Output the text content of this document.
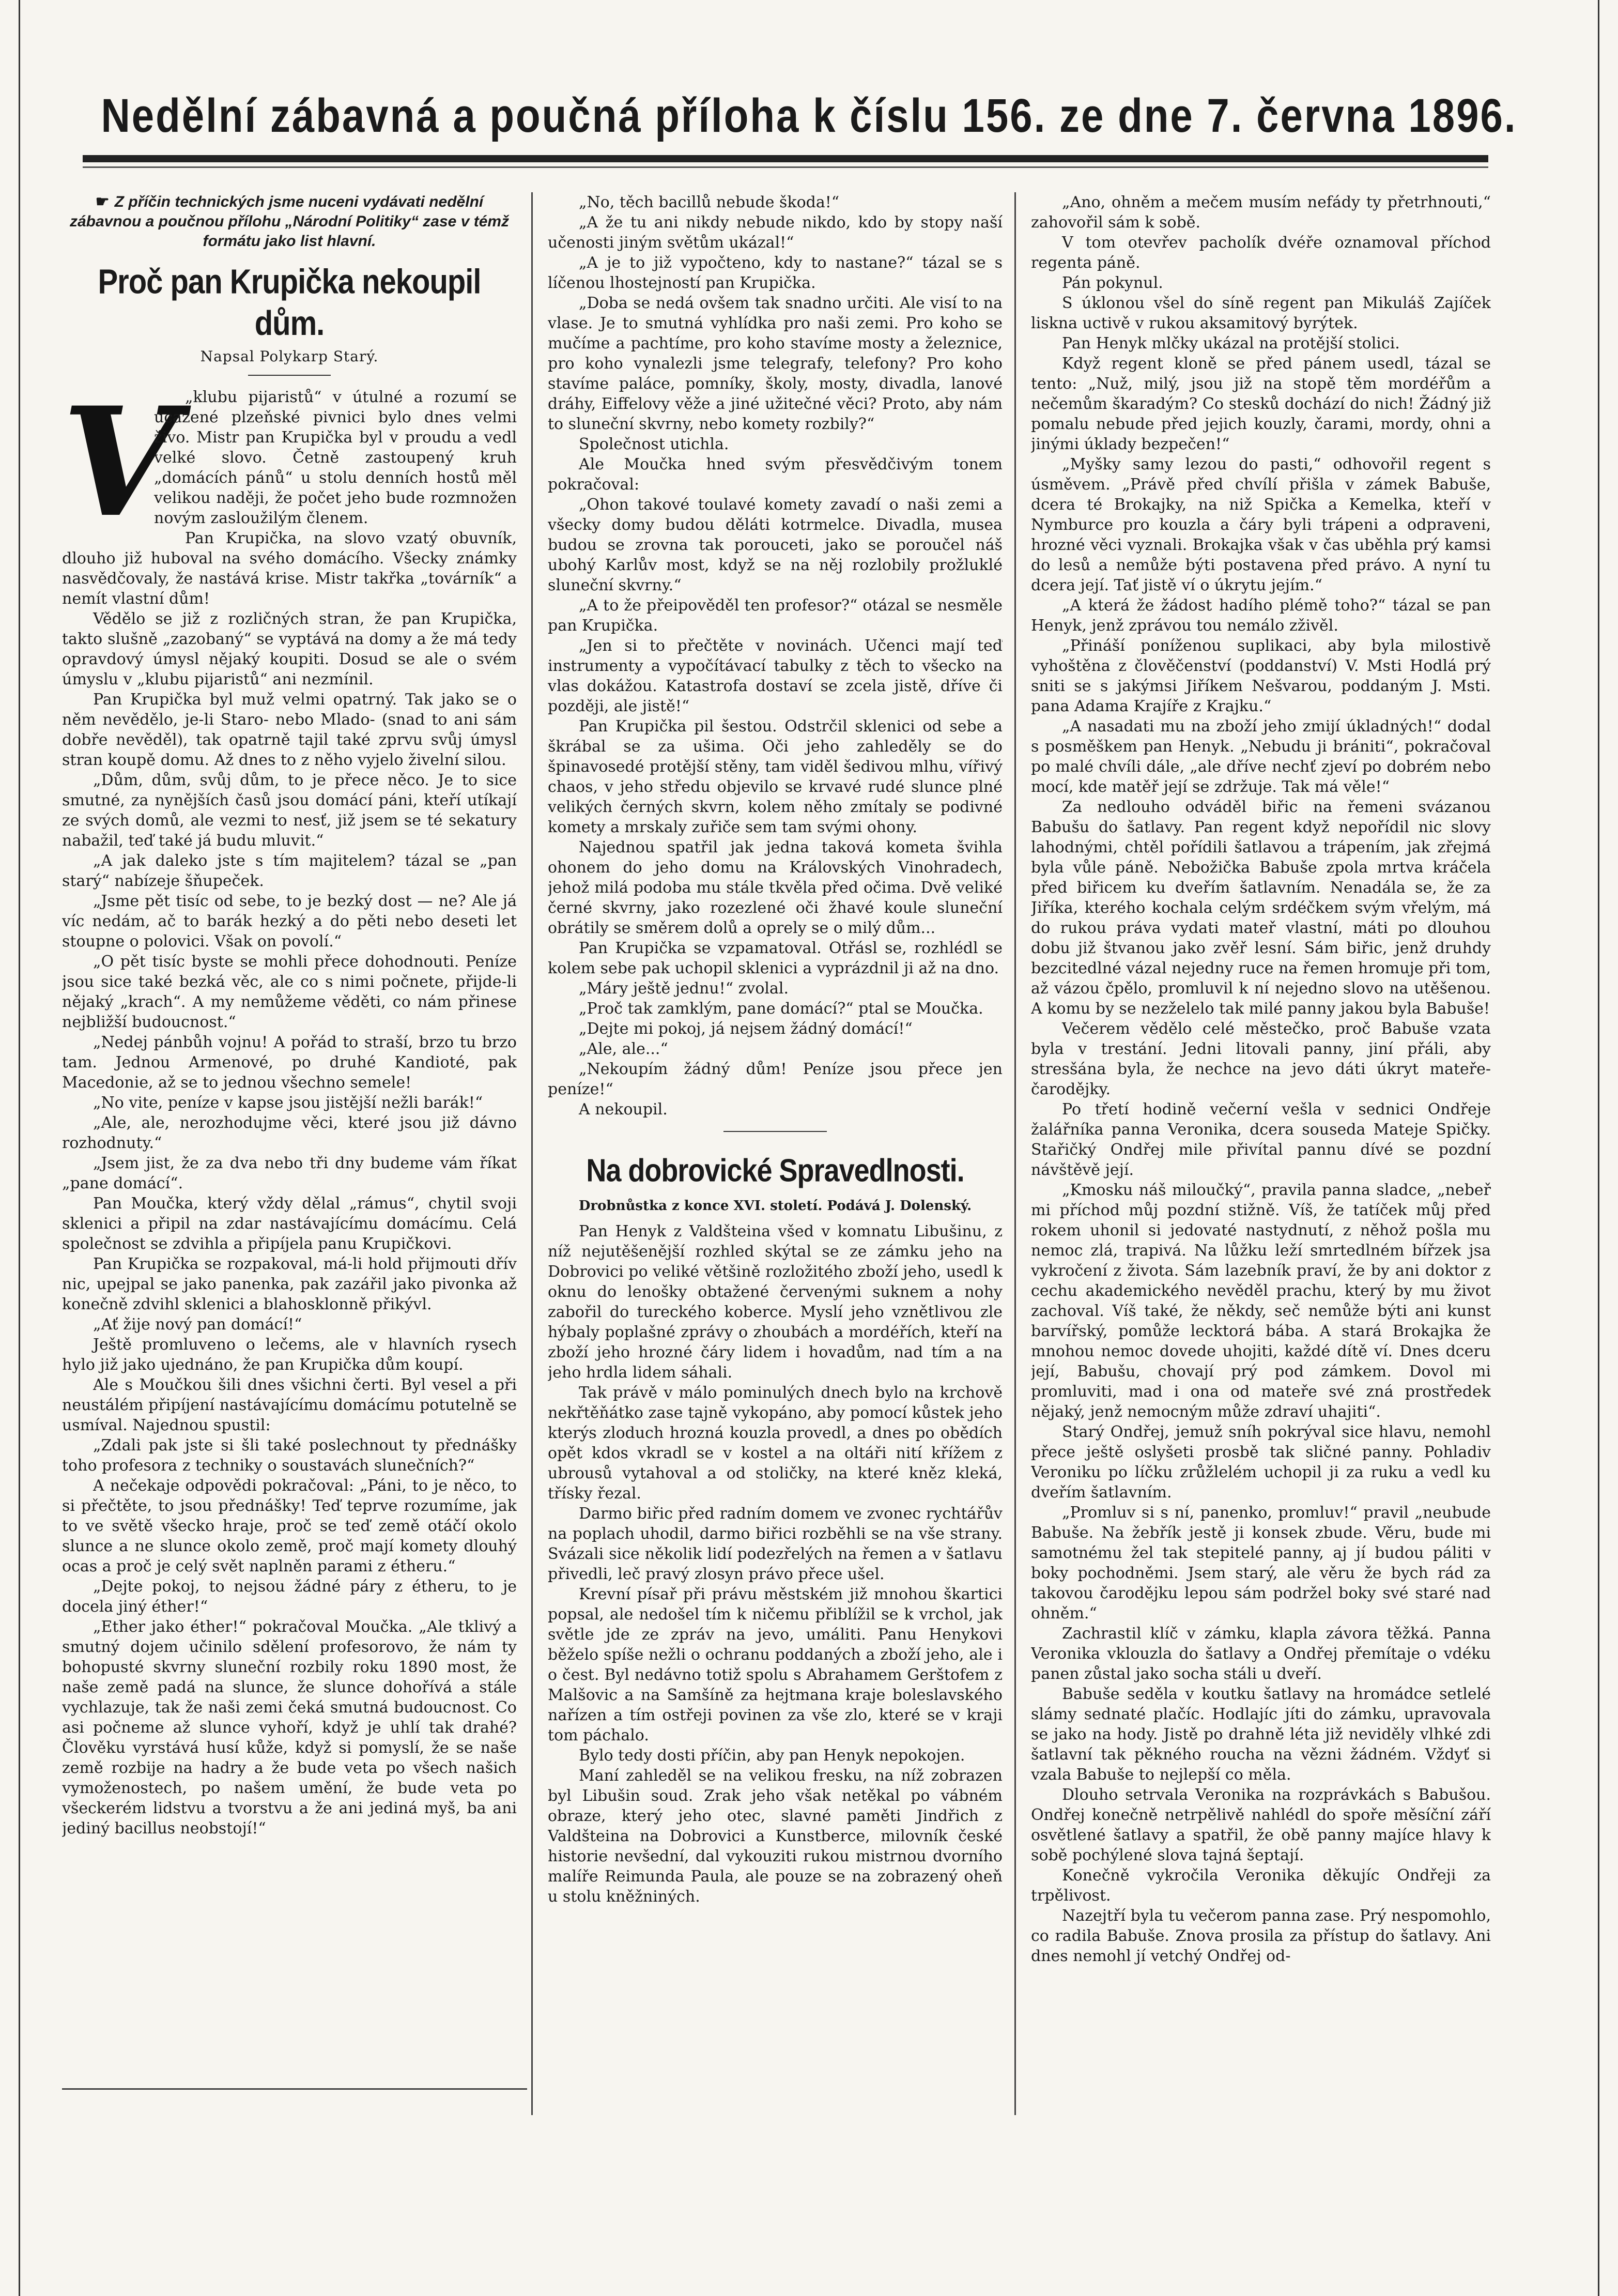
Nedělní zábavná a poučná příloha k číslu 156. ze dne 7. června 1896.
☛ Z příčin technických jsme nuceni vydávati nedělní zábavnou a poučnou přílohu „Národní Politiky“ zase v témž formátu jako list hlavní.
Proč pan Krupička nekoupil dům.
Napsal Polykarp Starý.
V „klubu pijaristů“ v útulné a rozumí se ucazené plzeňské pivnici bylo dnes velmi živo. Mistr pan Krupička byl v proudu a vedl velké slovo. Četně zastoupený kruh „domácích pánů“ u stolu denních hostů měl velikou naději, že počet jeho bude rozmnožen novým zasloužilým členem.

Pan Krupička, na slovo vzatý obuvník, dlouho již huboval na svého domácího. Všecky známky nasvědčovaly, že nastává krise. Mistr takřka „továrník“ a nemít vlastní dům!

Vědělo se již z rozličných stran, že pan Krupička, takto slušně „zazobaný“ se vyptává na domy a že má tedy opravdový úmysl nějaký koupiti. Dosud se ale o svém úmyslu v „klubu pijaristů“ ani nezmínil.

Pan Krupička byl muž velmi opatrný. Tak jako se o něm nevědělo, je-li Staro- nebo Mlado- (snad to ani sám dobře nevěděl), tak opatrně tajil také zprvu svůj úmysl stran koupě domu. Až dnes to z něho vyjelo živelní silou.

„Dům, dům, svůj dům, to je přece něco. Je to sice smutné, za nynějších časů jsou domácí páni, kteří utíkají ze svých domů, ale vezmi to nesť, již jsem se té sekatury nabažil, teď také já budu mluvit.“

„A jak daleko jste s tím majitelem? tázal se „pan starý“ nabízeje šňupeček.

„Jsme pět tisíc od sebe, to je bezký dost — ne? Ale já víc nedám, ač to barák hezký a do pěti nebo deseti let stoupne o polovici. Však on povolí.“

„O pět tisíc byste se mohli přece dohodnouti. Peníze jsou sice také bezká věc, ale co s nimi počnete, přijde-li nějaký „krach“. A my nemůžeme věděti, co nám přinese nejbližší budoucnost.“

„Nedej pánbůh vojnu! A pořád to straší, brzo tu brzo tam. Jednou Armenové, po druhé Kandioté, pak Macedonie, až se to jednou všechno semele!

„No vite, peníze v kapse jsou jistější nežli barák!“

„Ale, ale, nerozhodujme věci, které jsou již dávno rozhodnuty.“

„Jsem jist, že za dva nebo tři dny budeme vám říkat „pane domácí“.

Pan Moučka, který vždy dělal „rámus“, chytil svoji sklenici a připil na zdar nastávajícímu domácímu. Celá společnost se zdvihla a připíjela panu Krupičkovi.

Pan Krupička se rozpakoval, má-li hold přijmouti dřív nic, upejpal se jako panenka, pak zazářil jako pivonka až konečně zdvihl sklenici a blahosklonně přikývl.

„Ať žije nový pan domácí!“

Ještě promluveno o lečems, ale v hlavních rysech hylo již jako ujednáno, že pan Krupička dům koupí.

Ale s Moučkou šili dnes všichni čerti. Byl vesel a při neustálém připíjení nastávajícímu domácímu potutelně se usmíval. Najednou spustil:

„Zdali pak jste si šli také poslechnout ty přednášky toho profesora z techniky o soustavách slunečních?“

A nečekaje odpovědi pokračoval: „Páni, to je něco, to si přečtěte, to jsou přednášky! Teď teprve rozumíme, jak to ve světě všecko hraje, proč se teď země otáčí okolo slunce a ne slunce okolo země, proč mají komety dlouhý ocas a proč je celý svět naplněn parami z étheru.“

„Dejte pokoj, to nejsou žádné páry z étheru, to je docela jiný éther!“

„Ether jako éther!“ pokračoval Moučka. „Ale tklivý a smutný dojem učinilo sdělení profesorovo, že nám ty bohopusté skvrny sluneční rozbily roku 1890 most, že naše země padá na slunce, že slunce dohořívá a stále vychlazuje, tak že naši zemi čeká smutná budoucnost. Co asi počneme až slunce vyhoří, když je uhlí tak drahé? Člověku vyrstává husí kůže, když si pomyslí, že se naše země rozbije na hadry a že bude veta po všech našich vymoženostech, po našem umění, že bude veta po všeckerém lidstvu a tvorstvu a že ani jediná myš, ba ani jediný bacillus neobstojí!“

„No, těch bacillů nebude škoda!“

„A že tu ani nikdy nebude nikdo, kdo by stopy naší učenosti jiným světům ukázal!“

„A je to již vypočteno, kdy to nastane?“ tázal se s líčenou lhostejností pan Krupička.

„Doba se nedá ovšem tak snadno určiti. Ale visí to na vlase. Je to smutná vyhlídka pro naši zemi. Pro koho se mučíme a pachtíme, pro koho stavíme mosty a železnice, pro koho vynalezli jsme telegrafy, telefony? Pro koho stavíme paláce, pomníky, školy, mosty, divadla, lanové dráhy, Eiffelovy věže a jiné užitečné věci? Proto, aby nám to sluneční skvrny, nebo komety rozbily?“

Společnost utichla.

Ale Moučka hned svým přesvědčivým tonem pokračoval:

„Ohon takové toulavé komety zavadí o naši zemi a všecky domy budou děláti kotrmelce. Divadla, musea budou se zrovna tak porouceti, jako se poroučel náš ubohý Karlův most, když se na něj rozlobily prožluklé sluneční skvrny.“

„A to že přeipověděl ten profesor?“ otázal se nesměle pan Krupička.

„Jen si to přečtěte v novinách. Učenci mají teď instrumenty a vypočítávací tabulky z těch to všecko na vlas dokážou. Katastrofa dostaví se zcela jistě, dříve či později, ale jistě!“

Pan Krupička pil šestou. Odstrčil sklenici od sebe a škrábal se za ušima. Oči jeho zahleděly se do špinavosedé protější stěny, tam viděl šedivou mlhu, vířivý chaos, v jeho středu objevilo se krvavé rudé slunce plné velikých černých skvrn, kolem něho zmítaly se podivné komety a mrskaly zuřiče sem tam svými ohony.

Najednou spatřil jak jedna taková kometa švihla ohonem do jeho domu na Královských Vinohradech, jehož milá podoba mu stále tkvěla před očima. Dvě veliké černé skvrny, jako rozezlené oči žhavé koule sluneční obrátily se směrem dolů a oprely se o milý dům...

Pan Krupička se vzpamatoval. Otřásl se, rozhlédl se kolem sebe pak uchopil sklenici a vyprázdnil ji až na dno.

„Máry ještě jednu!“ zvolal.

„Proč tak zamklým, pane domácí?“ ptal se Moučka.

„Dejte mi pokoj, já nejsem žádný domácí!“

„Ale, ale...“

„Nekoupím žádný dům! Peníze jsou přece jen peníze!“

A nekoupil.

Na dobrovické Spravedlnosti.
Drobnůstka z konce XVI. století. Podává J. Dolenský.

Pan Henyk z Valdšteina všed v komnatu Libušinu, z níž nejutěšenější rozhled skýtal se ze zámku jeho na Dobrovici po veliké většině rozložitého zboží jeho, usedl k oknu do lenošky obtažené červenými suknem a nohy zabořil do tureckého koberce. Myslí jeho vznětlivou zle hýbaly poplašné zprávy o zhoubách a mordéřích, kteří na zboží jeho hrozné čáry lidem i hovadům, nad tím a na jeho hrdla lidem sáhali.

Tak právě v málo pominulých dnech bylo na krchově nekřtěňátko zase tajně vykopáno, aby pomocí kůstek jeho kterýs zloduch hrozná kouzla provedl, a dnes po obědích opět kdos vkradl se v kostel a na oltáři nití křížem z ubrousů vytahoval a od stoličky, na které kněz kleká, třísky řezal.

Darmo biřic před radním domem ve zvonec rychtářův na poplach uhodil, darmo biřici rozběhli se na vše strany. Svázali sice několik lidí podezřelých na řemen a v šatlavu přivedli, leč pravý zlosyn právo přece ušel.

Krevní písař při právu městském již mnohou škartici popsal, ale nedošel tím k ničemu přiblížil se k vrchol, jak světle jde ze zpráv na jevo, umáliti. Panu Henykovi běželo spíše nežli o ochranu poddaných a zboží jeho, ale i o čest. Byl nedávno totiž spolu s Abrahamem Gerštofem z Malšovic a na Samšíně za hejtmana kraje boleslavského nařízen a tím ostřeji povinen za vše zlo, které se v kraji tom páchalo.

Bylo tedy dosti příčin, aby pan Henyk nepokojen.

Maní zahleděl se na velikou fresku, na níž zobrazen byl Libušin soud. Zrak jeho však netěkal po vábném obraze, který jeho otec, slavné paměti Jindřich z Valdšteina na Dobrovici a Kunstberce, milovník české historie nevšední, dal vykouziti rukou mistrnou dvorního malíře Reimunda Paula, ale pouze se na zobrazený oheň u stolu kněžniných.

„Ano, ohněm a mečem musím nefády ty přetrhnouti,“ zahovořil sám k sobě.

V tom otevřev pacholík dvéře oznamoval příchod regenta páně.

Pán pokynul.

S úklonou všel do síně regent pan Mikuláš Zajíček liskna uctivě v rukou aksamitový byrýtek.

Pan Henyk mlčky ukázal na protější stolici.

Když regent kloně se před pánem usedl, tázal se tento: „Nuž, milý, jsou již na stopě těm mordéřům a nečemům škaradým? Co stesků dochází do nich! Žádný již pomalu nebude před jejich kouzly, čarami, mordy, ohni a jinými úklady bezpečen!“

„Myšky samy lezou do pasti,“ odhovořil regent s úsměvem. „Právě před chvílí přišla v zámek Babuše, dcera té Brokajky, na niž Spička a Kemelka, kteří v Nymburce pro kouzla a čáry byli trápeni a odpraveni, hrozné věci vyznali. Brokajka však v čas uběhla prý kamsi do lesů a nemůže býti postavena před právo. A nyní tu dcera její. Tať jistě ví o úkrytu jejím.“

„A která že žádost hadího plémě toho?“ tázal se pan Henyk, jenž zprávou tou nemálo zživěl.

„Přináší poníženou suplikaci, aby byla milostivě vyhoštěna z člověčenství (poddanství) V. Msti Hodlá prý sniti se s jakýmsi Jiříkem Nešvarou, poddaným J. Msti. pana Adama Krajíře z Krajku.“

„A nasadati mu na zboží jeho zmijí úkladných!“ dodal s posměškem pan Henyk. „Nebudu ji brániti“, pokračoval po malé chvíli dále, „ale dříve nechť zjeví po dobrém nebo mocí, kde matěř její se zdržuje. Tak má věle!“

Za nedlouho odváděl biřic na řemeni svázanou Babušu do šatlavy. Pan regent když nepořídil nic slovy lahodnými, chtěl pořídili šatlavou a trápením, jak zřejmá byla vůle páně. Nebožička Babuše zpola mrtva kráčela před biřicem ku dveřím šatlavním. Nenadála se, že za Jiříka, kterého kochala celým srdéčkem svým vřelým, má do rukou práva vydati mateř vlastní, máti po dlouhou dobu již štvanou jako zvěř lesní. Sám biřic, jenž druhdy bezcitedlné vázal nejedny ruce na řemen hromuje při tom, až vázou čpělo, promluvil k ní nejedno slovo na utěšenou. A komu by se nezželelo tak milé panny jakou byla Babuše!

Večerem vědělo celé městečko, proč Babuše vzata byla v trestání. Jedni litovali panny, jiní přáli, aby stresšána byla, že nechce na jevo dáti úkryt mateře-čarodějky.

Po třetí hodině večerní vešla v sednici Ondřeje žalářníka panna Veronika, dcera souseda Mateje Spičky. Stařičký Ondřej mile přivítal pannu dívé se pozdní návštěvě její.

„Kmosku náš miloučký“, pravila panna sladce, „nebeř mi příchod můj pozdní stižně. Víš, že tatíček můj před rokem uhonil si jedovaté nastydnutí, z něhož pošla mu nemoc zlá, trapivá. Na lůžku leží smrtedlném bířzek jsa vykročení z života. Sám lazebník praví, že by ani doktor z cechu akademického nevěděl prachu, který by mu život zachoval. Víš také, že někdy, seč nemůže býti ani kunst barvířský, pomůže lecktorá bába. A stará Brokajka že mnohou nemoc dovede uhojiti, každé dítě ví. Dnes dceru její, Babušu, chovají prý pod zámkem. Dovol mi promluviti, mad i ona od mateře své zná prostředek nějaký, jenž nemocným může zdraví uhajiti“.

Starý Ondřej, jemuž sníh pokrýval sice hlavu, nemohl přece ještě oslyšeti prosbě tak sličné panny. Pohladiv Veroniku po líčku zrůžlelém uchopil ji za ruku a vedl ku dveřím šatlavním.

„Promluv si s ní, panenko, promluv!“ pravil „neubude Babuše. Na žebřík jestě ji konsek zbude. Věru, bude mi samotnému žel tak stepitelé panny, aj jí budou páliti v boky pochodněmi. Jsem starý, ale věru že bych rád za takovou čarodějku lepou sám podržel boky své staré nad ohněm.“

Zachrastil klíč v zámku, klapla závora těžká. Panna Veronika vklouzla do šatlavy a Ondřej přemítaje o vdéku panen zůstal jako socha stáli u dveří.

Babuše seděla v koutku šatlavy na hromádce setlelé slámy sednaté plačíc. Hodlajíc jíti do zámku, upravovala se jako na hody. Jistě po drahně léta již neviděly vlhké zdi šatlavní tak pěkného roucha na vězni žádném. Vždyť si vzala Babuše to nejlepší co měla.

Dlouho setrvala Veronika na rozprávkách s Babušou. Ondřej konečně netrpělivě nahlédl do spoře měsíční září osvětlené šatlavy a spatřil, že obě panny majíce hlavy k sobě pochýlené slova tajná šeptají.

Konečně vykročila Veronika děkujíc Ondřeji za trpělivost.

Nazejtří byla tu večerom panna zase. Prý nespomohlo, co radila Babuše. Znova prosila za přístup do šatlavy. Ani dnes nemohl jí vetchý Ondřej od-
